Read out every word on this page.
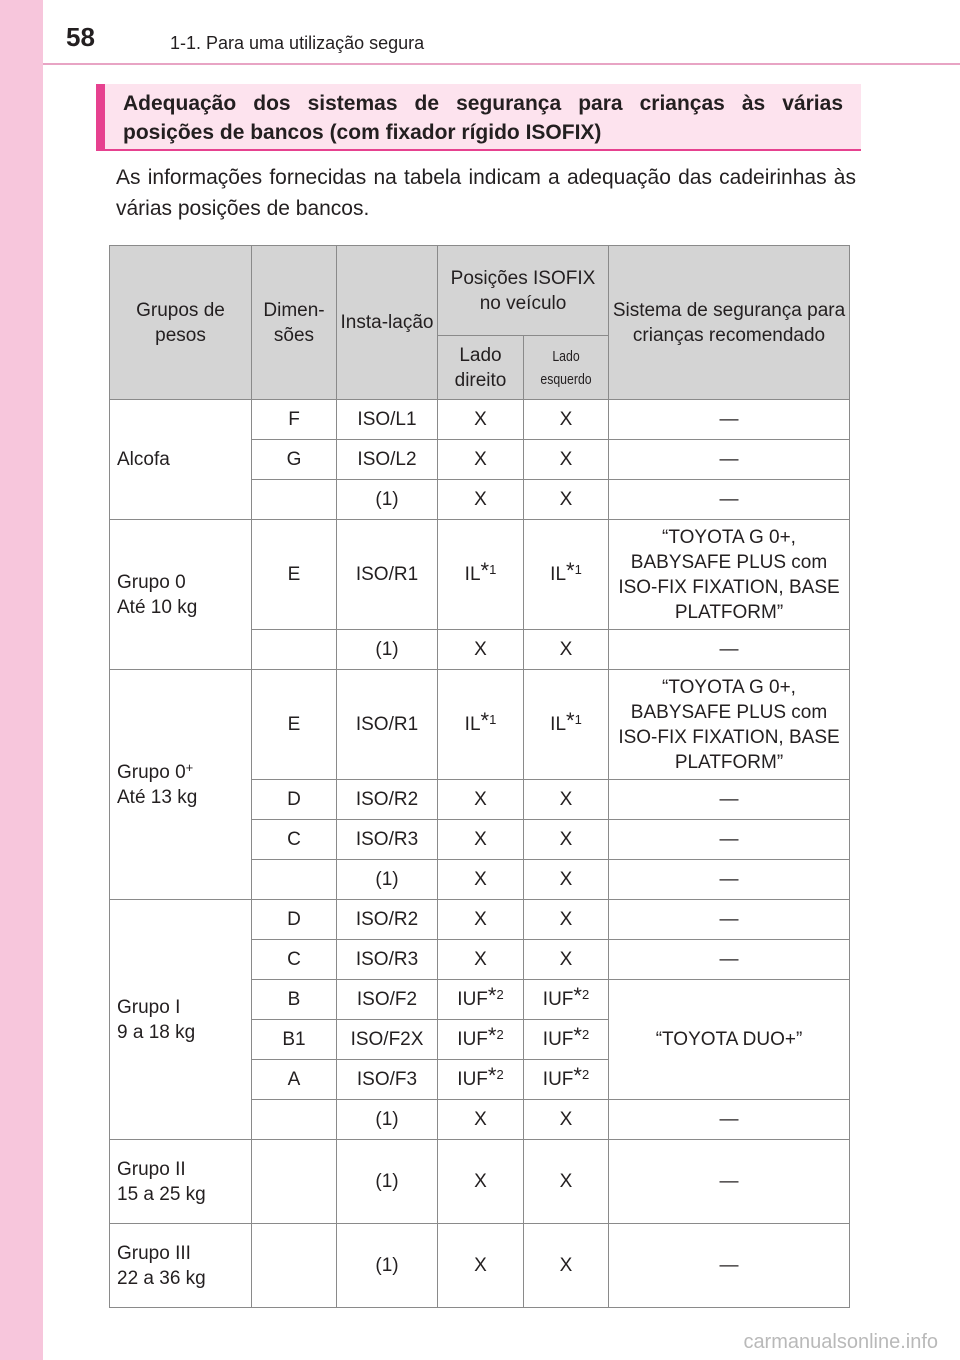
58	1-1. Para uma utilização segura

Adequação dos sistemas de segurança para crianças às várias posições de bancos (com fixador rígido ISOFIX)

As informações fornecidas na tabela indicam a adequação das cadeirinhas às várias posições de bancos.

Grupos de pesos	Dimen-sões	Insta-lação	Posições ISOFIX no veículo		Sistema de segurança para crianças recomendado
			Lado direito	Lado esquerdo	
Alcofa	F	ISO/L1	X	X	—
	G	ISO/L2	X	X	—
		(1)	X	X	—
Grupo 0
Até 10 kg	E	ISO/R1	IL*$^1$	IL*$^1$	“TOYOTA G 0+, BABYSAFE PLUS com ISO-FIX FIXATION, BASE PLATFORM”
		(1)	X	X	—
Grupo 0+
Até 13 kg	E	ISO/R1	IL*$^1$	IL*$^1$	“TOYOTA G 0+, BABYSAFE PLUS com ISO-FIX FIXATION, BASE PLATFORM”
	D	ISO/R2	X	X	—
	C	ISO/R3	X	X	—
		(1)	X	X	—
Grupo I
9 a 18 kg	D	ISO/R2	X	X	—
	C	ISO/R3	X	X	—
	B	ISO/F2	IUF*$^2$	IUF*$^2$	“TOYOTA DUO+”
	B1	ISO/F2X	IUF*$^2$	IUF*$^2$
	A	ISO/F3	IUF*$^2$	IUF*$^2$
		(1)	X	X	—
Grupo II
15 a 25 kg		(1)	X	X	—
Grupo III
22 a 36 kg		(1)	X	X	—
carmanualsonline.info
